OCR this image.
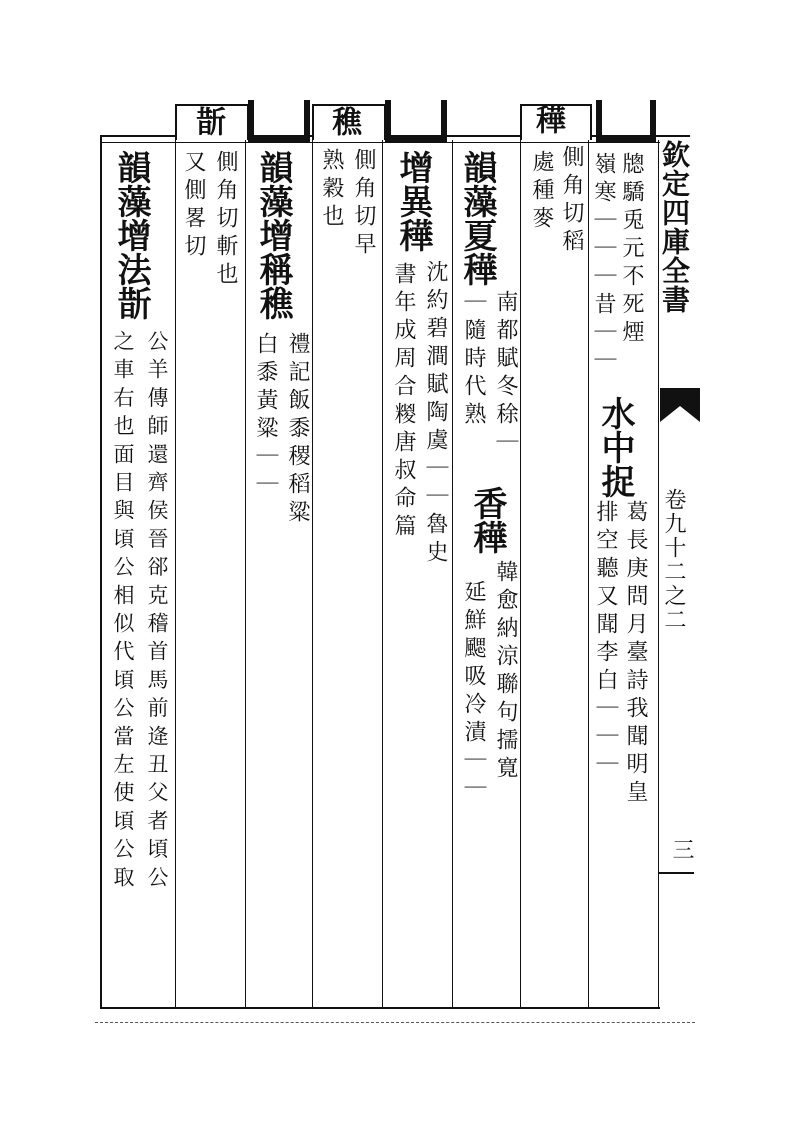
欽定四庫全書
卷九十二之二
三
牕驕兎元不死煙
嶺寒｜｜｜昔｜｜
水中捉
葛長庚問月臺詩我聞明皇
排空聽又聞李白｜｜｜
䅿
側角切稻
處種麥
韻藻夏䅿
南都賦冬稌｜
香䅿
韓愈納涼聯句擩寛
｜隨時代熟
延鮮颸吸冷漬｜｜
增異䅿
沈約碧澗賦陶虞｜｜魯史
書年成周合糉唐叔命篇
穛
側角切早
熟穀也
韻藻增稱穛
禮記飯黍稷稻粱
白黍黃粱｜｜
斮
側角切斬也
又側畧切
韻藻增法斮
公羊傳師還齊侯晉郤克稽首馬前逄丑父者頃公
之車右也面目與頃公相似代頃公當左使頃公取
